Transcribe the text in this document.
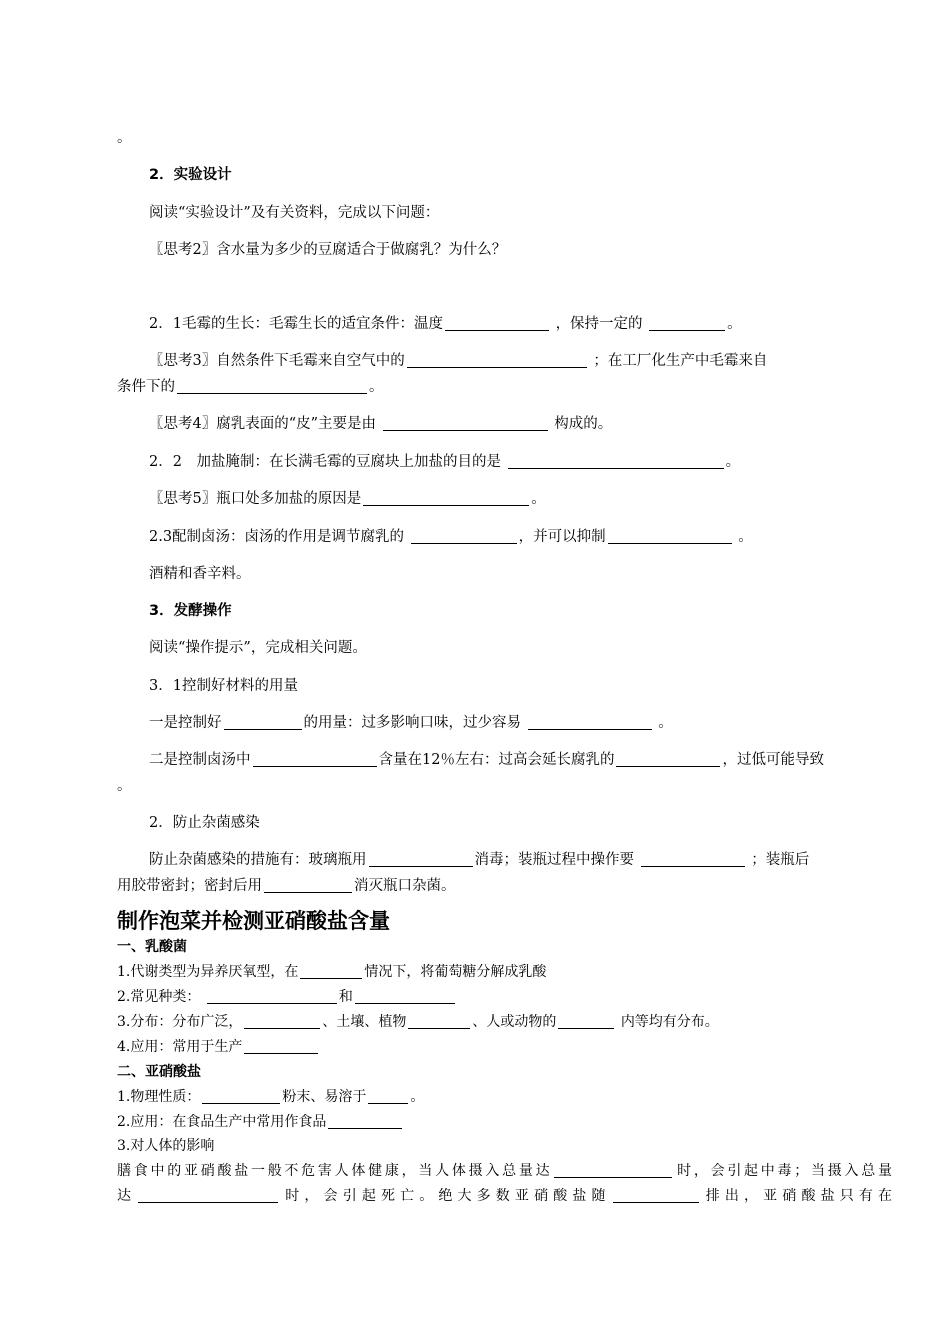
。
2．实验设计
阅读“实验设计”及有关资料，完成以下问题：
〖思考2〗含水量为多少的豆腐适合于做腐乳？为什么？
2．1毛霉的生长：毛霉生长的适宜条件：温度	，保持一定的	。
〖思考3〗自然条件下毛霉来自空气中的	；在工厂化生产中毛霉来自
条件下的	。
〖思考4〗腐乳表面的“皮”主要是由	构成的。
2．2　加盐腌制：在长满毛霉的豆腐块上加盐的目的是	。
〖思考5〗瓶口处多加盐的原因是	。
2.3配制卤汤：卤汤的作用是调节腐乳的	，并可以抑制	。
酒精和香辛料。
3．发酵操作
阅读“操作提示”，完成相关问题。
3．1控制好材料的用量
一是控制好	的用量：过多影响口味，过少容易	。
二是控制卤汤中	含量在12％左右：过高会延长腐乳的	，过低可能导致
。
2．防止杂菌感染
防止杂菌感染的措施有：玻璃瓶用	消毒；装瓶过程中操作要	；装瓶后
用胶带密封；密封后用	消灭瓶口杂菌。
制作泡菜并检测亚硝酸盐含量
一、乳酸菌
1.代谢类型为异养厌氧型，在	情况下，将葡萄糖分解成乳酸
2.常见种类：	和
3.分布：分布广泛，	、土壤、植物	、人或动物的	内等均有分布。
4.应用：常用于生产
二、亚硝酸盐
1.物理性质：	粉末、易溶于	。
2.应用：在食品生产中常用作食品
3.对人体的影响
膳食中的亚硝酸盐一般不危害人体健康，当人体摄入总量达	时，会引起中毒；当摄入总量
达	时，会引起死亡。绝大多数亚硝酸盐随	排出，亚硝酸盐只有在
